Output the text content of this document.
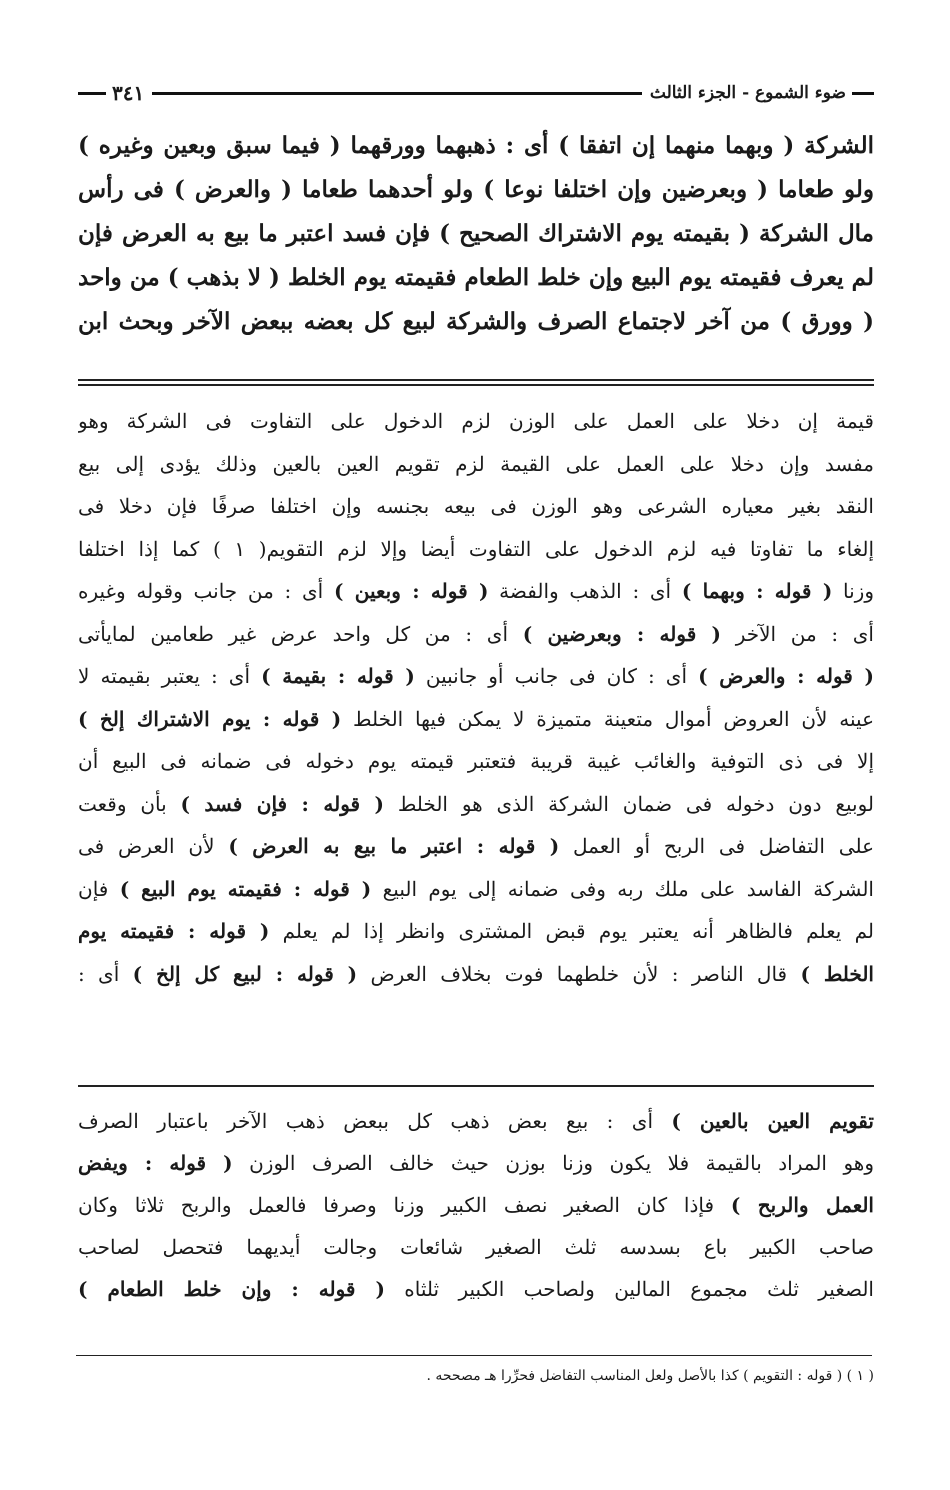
ضوء الشموع - الجزء الثالث
٣٤١
الشركة ( وبهما منهما إن اتفقا ) أى : ذهبهما وورقهما ( فيما سبق وبعين وغيره )
ولو طعاما ( وبعرضين وإن اختلفا نوعا ) ولو أحدهما طعاما ( والعرض ) فى رأس
مال الشركة ( بقيمته يوم الاشتراك الصحيح ) فإن فسد اعتبر ما بيع به العرض فإن
لم يعرف فقيمته يوم البيع وإن خلط الطعام فقيمته يوم الخلط ( لا بذهب ) من واحد
( وورق ) من آخر لاجتماع الصرف والشركة لبيع كل بعضه ببعض الآخر وبحث ابن
قيمة إن دخلا على العمل على الوزن لزم الدخول على التفاوت فى الشركة وهو
مفسد وإن دخلا على العمل على القيمة لزم تقويم العين بالعين وذلك يؤدى إلى بيع
النقد بغير معياره الشرعى وهو الوزن فى بيعه بجنسه وإن اختلفا صرفًا فإن دخلا فى
إلغاء ما تفاوتا فيه لزم الدخول على التفاوت أيضا وإلا لزم التقويم( ١ ) كما إذا اختلفا
وزنا ( قوله : وبهما ) أى : الذهب والفضة ( قوله : وبعين ) أى : من جانب وقوله وغيره
أى : من الآخر ( قوله : وبعرضين ) أى : من كل واحد عرض غير طعامين لمايأتى
( قوله : والعرض ) أى : كان فى جانب أو جانبين ( قوله : بقيمة ) أى : يعتبر بقيمته لا
عينه لأن العروض أموال متعينة متميزة لا يمكن فيها الخلط ( قوله : يوم الاشتراك إلخ )
إلا فى ذى التوفية والغائب غيبة قريبة فتعتبر قيمته يوم دخوله فى ضمانه فى البيع أن
لوبيع دون دخوله فى ضمان الشركة الذى هو الخلط ( قوله : فإن فسد ) بأن وقعت
على التفاضل فى الربح أو العمل ( قوله : اعتبر ما بيع به العرض ) لأن العرض فى
الشركة الفاسد على ملك ربه وفى ضمانه إلى يوم البيع ( قوله : فقيمته يوم البيع ) فإن
لم يعلم فالظاهر أنه يعتبر يوم قبض المشترى وانظر إذا لم يعلم ( قوله : فقيمته يوم
الخلط ) قال الناصر : لأن خلطهما فوت بخلاف العرض ( قوله : لبيع كل إلخ ) أى :
تقويم العين بالعين ) أى : بيع بعض ذهب كل ببعض ذهب الآخر باعتبار الصرف
وهو المراد بالقيمة فلا يكون وزنا بوزن حيث خالف الصرف الوزن ( قوله : ويفض
العمل والربح ) فإذا كان الصغير نصف الكبير وزنا وصرفا فالعمل والربح ثلاثا وكان
صاحب الكبير باع بسدسه ثلث الصغير شائعات وجالت أيديهما فتحصل لصاحب
الصغير ثلث مجموع المالين ولصاحب الكبير ثلثاه ( قوله : وإن خلط الطعام )
( ١ ) ( قوله : التقويم ) كذا بالأصل ولعل المناسب التفاضل فحرِّرا هـ مصححه .
